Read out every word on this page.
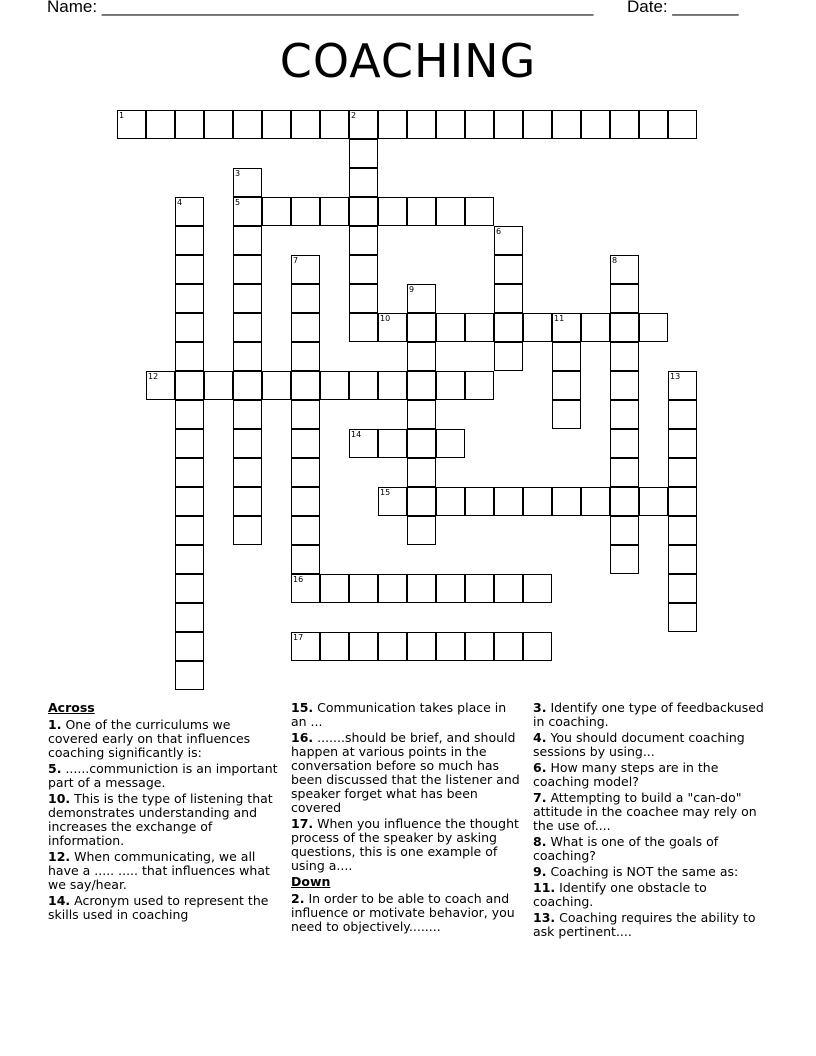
Name: ____________________________________________________ Date: _______
COACHING
1	2
3
5
4
6
7	8
9
10	11
12	13
14
15
16
17
Across
1. One of the curriculums we covered early on that influences coaching significantly is:
5. ......communiction is an important part of a message.
10. This is the type of listening that demonstrates understanding and increases the exchange of information.
12. When communicating, we all have a ..... ..... that influences what we say/hear.
14. Acronym used to represent the skills used in coaching
15. Communication takes place in an ...
16. .......should be brief, and should happen at various points in the conversation before so much has been discussed that the listener and speaker forget what has been covered
17. When you influence the thought process of the speaker by asking questions, this is one example of using a....
Down
2. In order to be able to coach and influence or motivate behavior, you need to objectively........
3. Identify one type of feedbackused in coaching.
4. You should document coaching sessions by using...
6. How many steps are in the coaching model?
7. Attempting to build a "can-do" attitude in the coachee may rely on the use of....
8. What is one of the goals of coaching?
9. Coaching is NOT the same as:
11. Identify one obstacle to coaching.
13. Coaching requires the ability to ask pertinent....
